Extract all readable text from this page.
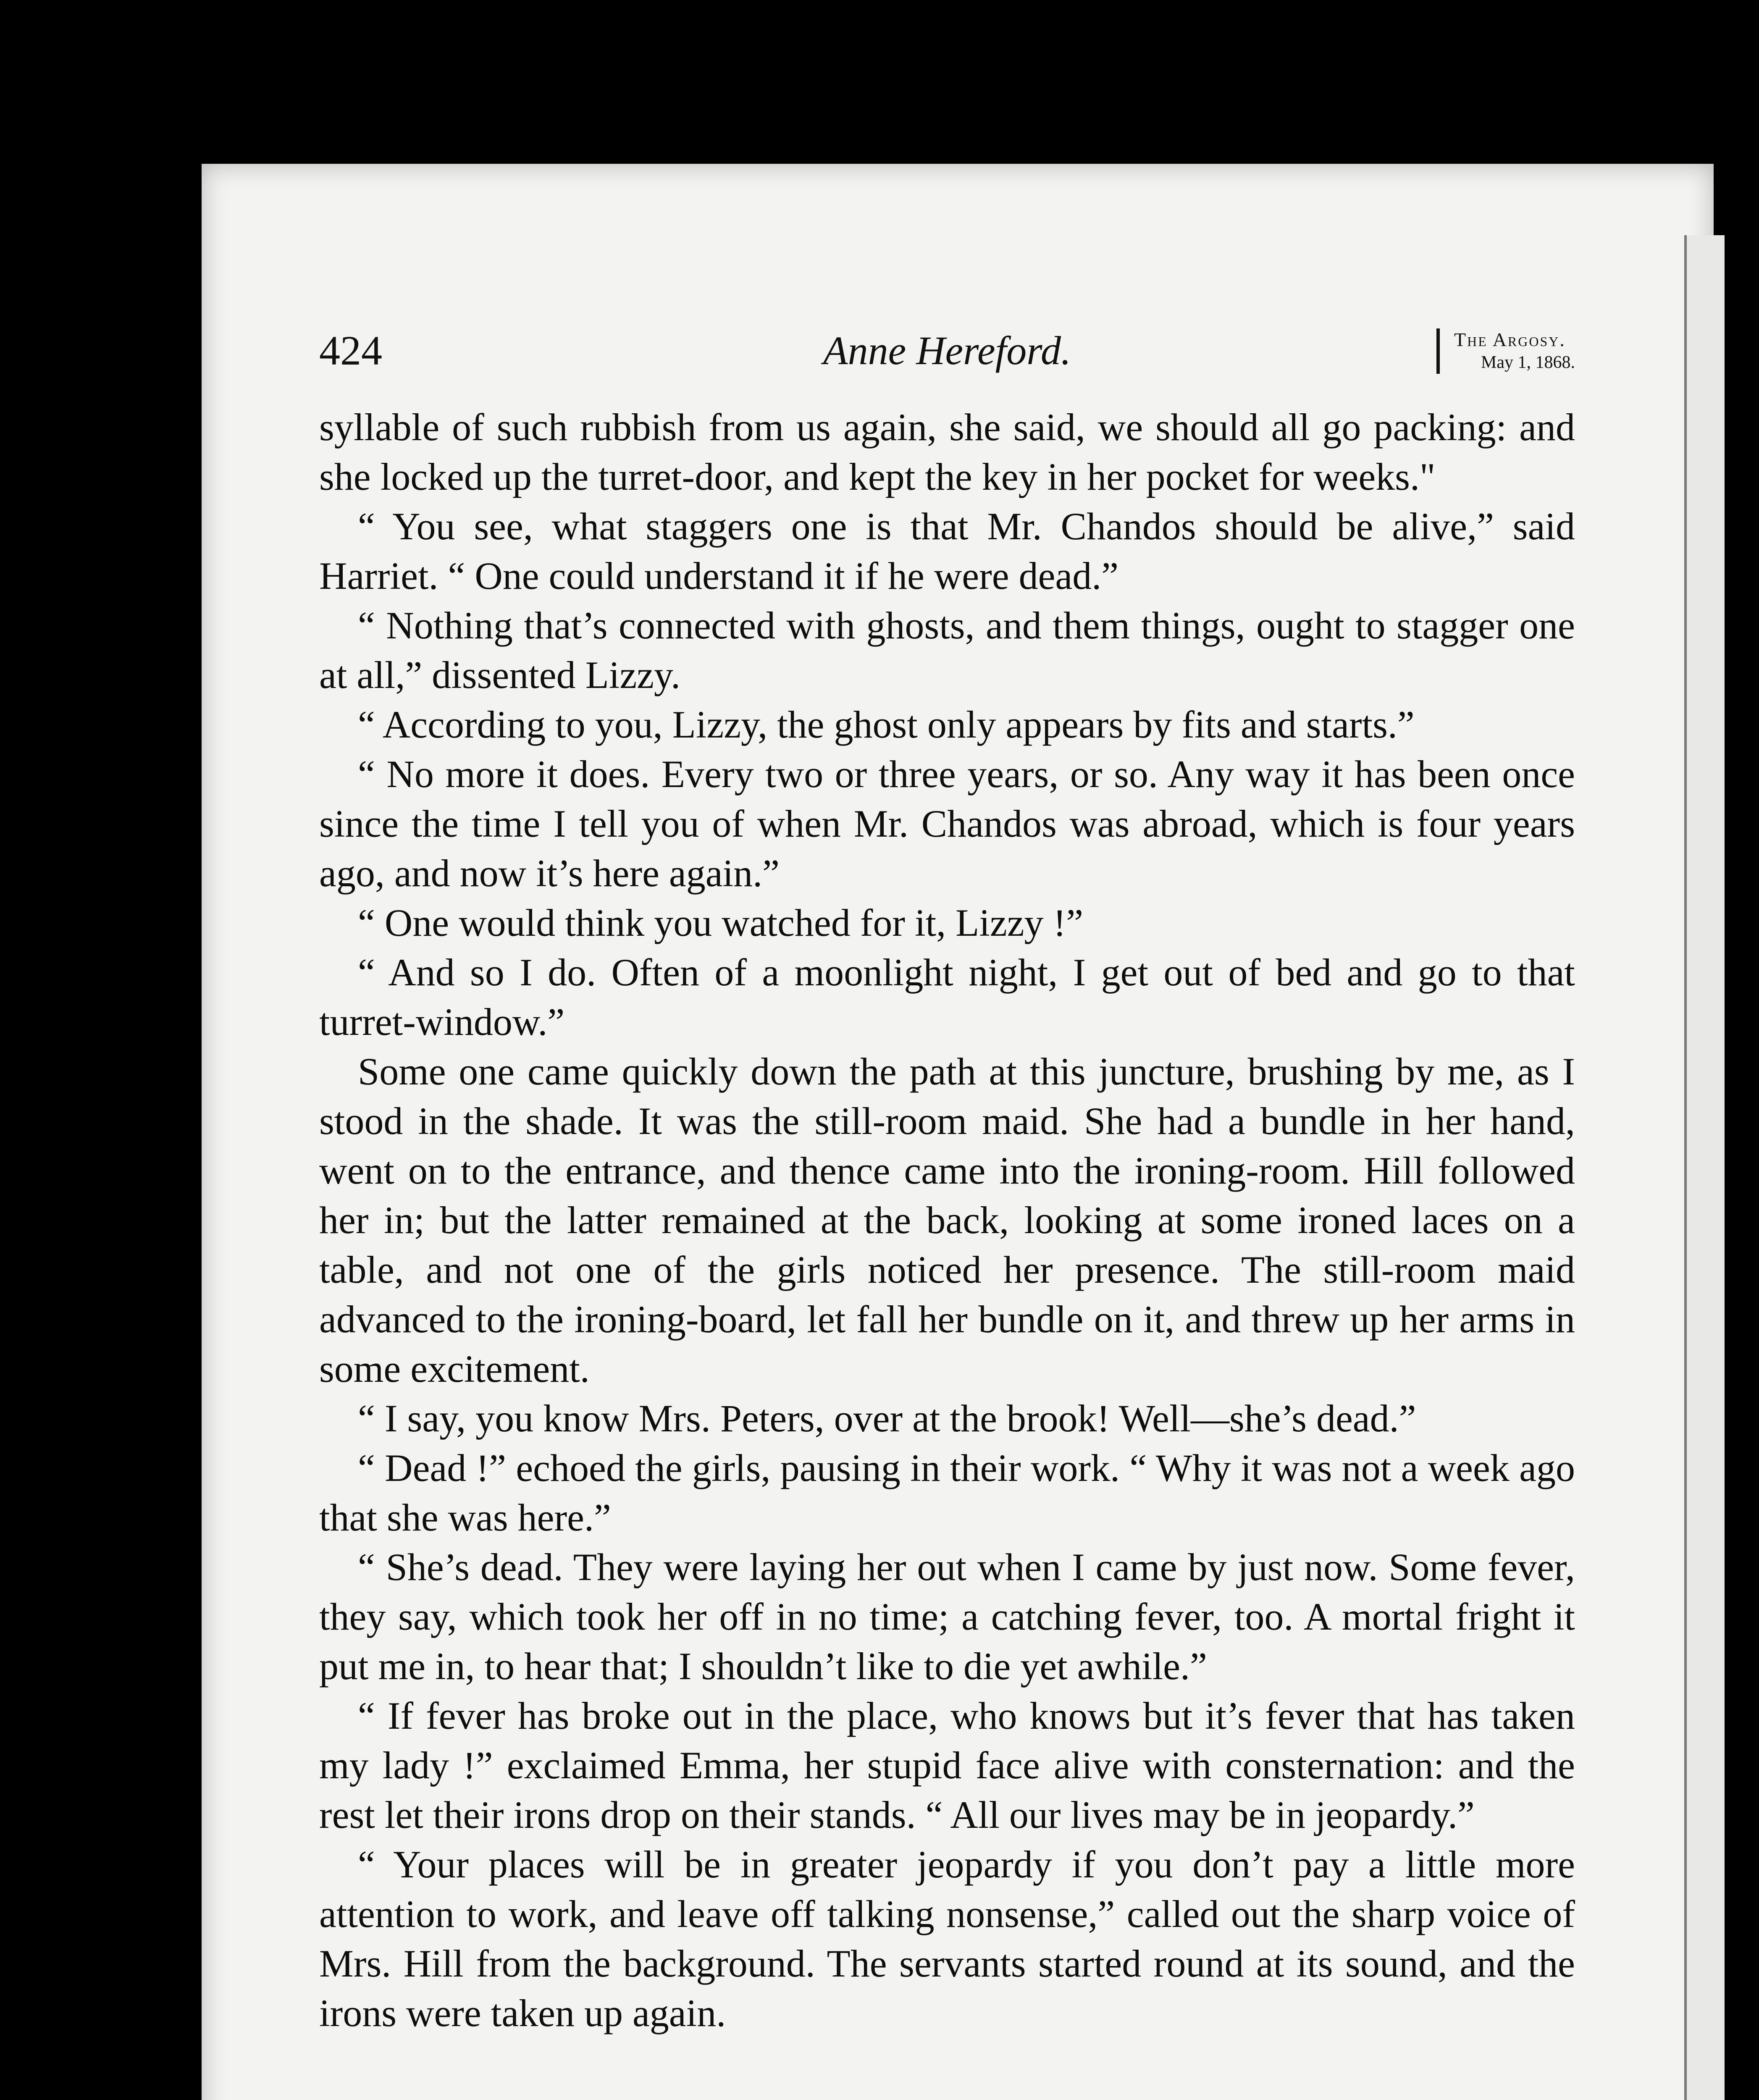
424	Anne Hereford.	The Argosy.
May 1, 1868.

syllable of such rubbish from us again, she said, we should all go packing: and she locked up the turret-door, and kept the key in her pocket for weeks."

“ You see, what staggers one is that Mr. Chandos should be alive,” said Harriet. “ One could understand it if he were dead.”

“ Nothing that’s connected with ghosts, and them things, ought to stagger one at all,” dissented Lizzy.

“ According to you, Lizzy, the ghost only appears by fits and starts.”

“ No more it does. Every two or three years, or so. Any way it has been once since the time I tell you of when Mr. Chandos was abroad, which is four years ago, and now it’s here again.”

“ One would think you watched for it, Lizzy !”

“ And so I do. Often of a moonlight night, I get out of bed and go to that turret-window.”

Some one came quickly down the path at this juncture, brushing by me, as I stood in the shade. It was the still-room maid. She had a bundle in her hand, went on to the entrance, and thence came into the ironing-room. Hill followed her in; but the latter remained at the back, looking at some ironed laces on a table, and not one of the girls noticed her presence. The still-room maid advanced to the ironing-board, let fall her bundle on it, and threw up her arms in some excitement.

“ I say, you know Mrs. Peters, over at the brook! Well—she’s dead.”

“ Dead !” echoed the girls, pausing in their work. “ Why it was not a week ago that she was here.”

“ She’s dead. They were laying her out when I came by just now. Some fever, they say, which took her off in no time; a catching fever, too. A mortal fright it put me in, to hear that; I shouldn’t like to die yet awhile.”

“ If fever has broke out in the place, who knows but it’s fever that has taken my lady !” exclaimed Emma, her stupid face alive with consternation: and the rest let their irons drop on their stands. “ All our lives may be in jeopardy.”

“ Your places will be in greater jeopardy if you don’t pay a little more attention to work, and leave off talking nonsense,” called out the sharp voice of Mrs. Hill from the background. The servants started round at its sound, and the irons were taken up again.
